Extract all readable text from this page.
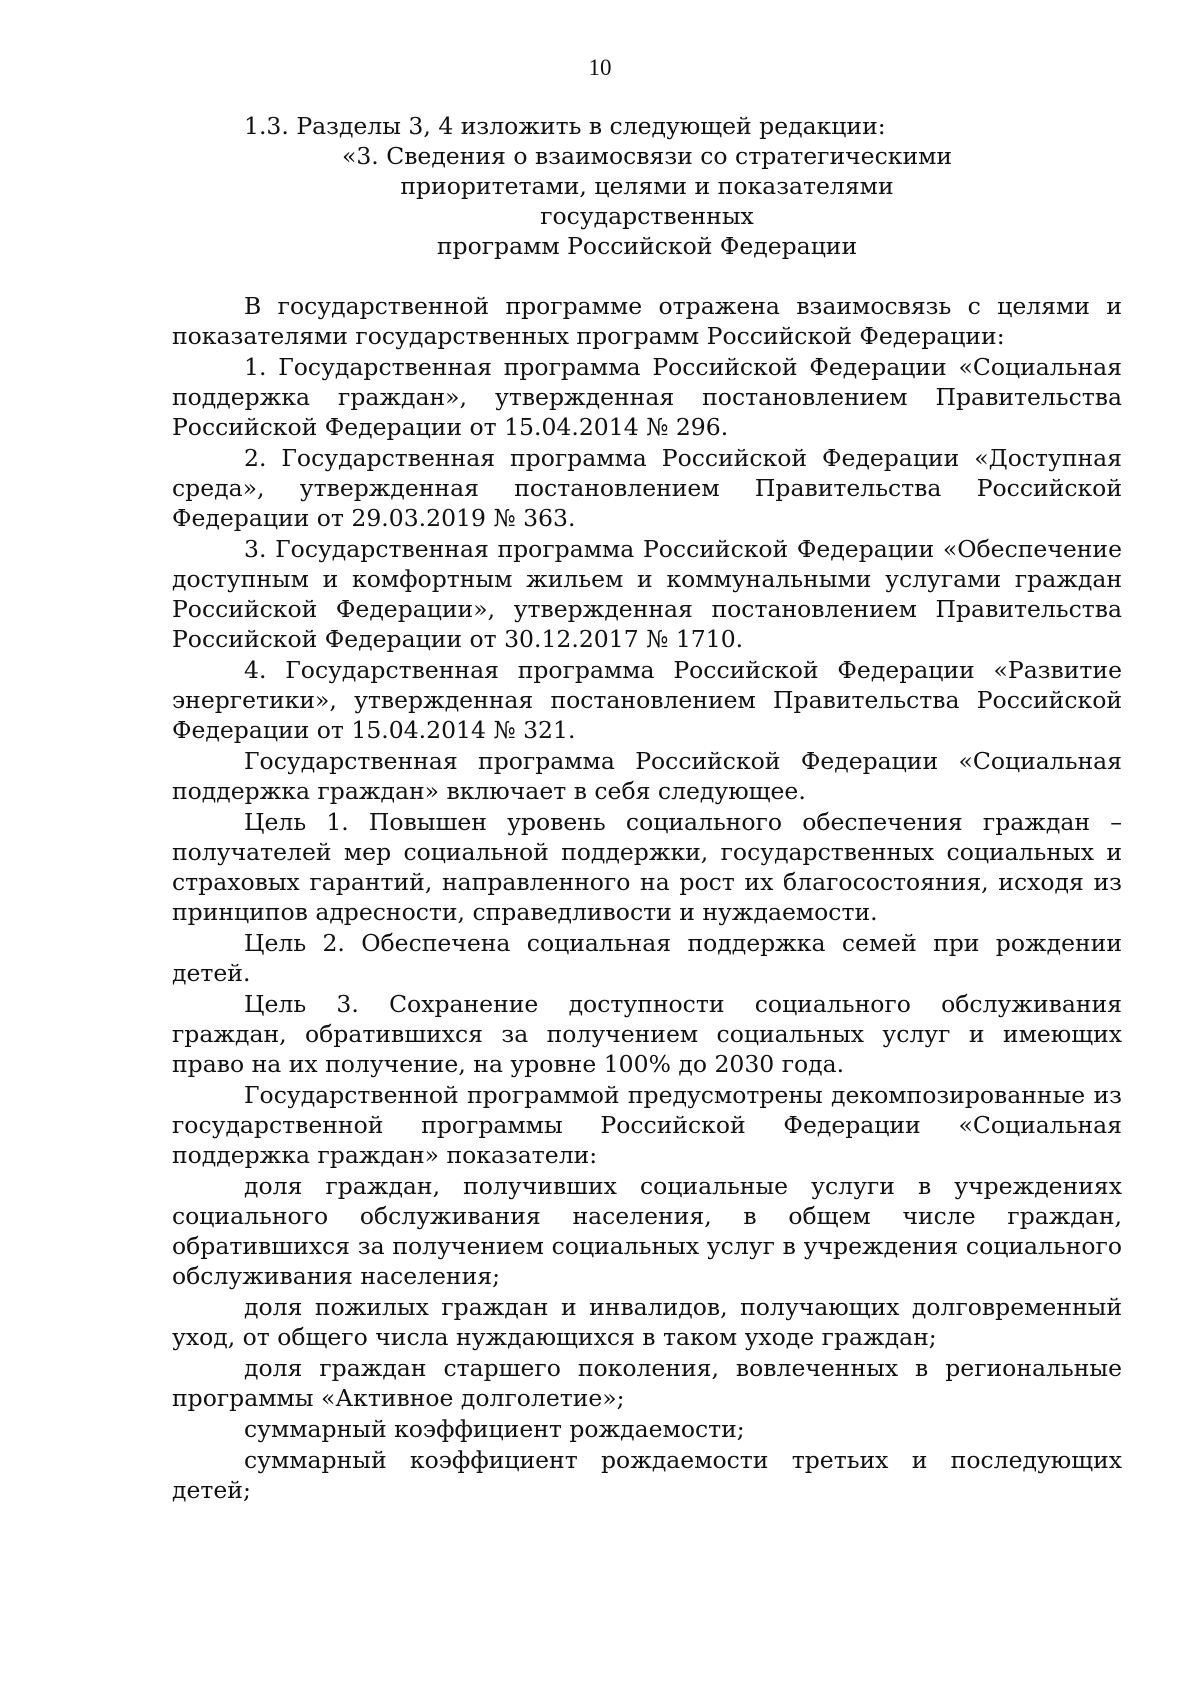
10

1.3. Разделы 3, 4 изложить в следующей редакции:

«3. Сведения о взаимосвязи со стратегическими
приоритетами, целями и показателями государственных
программ Российской Федерации

В государственной программе отражена взаимосвязь с целями и показателями государственных программ Российской Федерации:

1. Государственная программа Российской Федерации «Социальная поддержка граждан», утвержденная постановлением Правительства Российской Федерации от 15.04.2014 № 296.

2. Государственная программа Российской Федерации «Доступная среда», утвержденная постановлением Правительства Российской Федерации от 29.03.2019 № 363.

3. Государственная программа Российской Федерации «Обеспечение доступным и комфортным жильем и коммунальными услугами граждан Российской Федерации», утвержденная постановлением Правительства Российской Федерации от 30.12.2017 № 1710.

4. Государственная программа Российской Федерации «Развитие энергетики», утвержденная постановлением Правительства Российской Федерации от 15.04.2014 № 321.

Государственная программа Российской Федерации «Социальная поддержка граждан» включает в себя следующее.

Цель 1. Повышен уровень социального обеспечения граждан – получателей мер социальной поддержки, государственных социальных и страховых гарантий, направленного на рост их благосостояния, исходя из принципов адресности, справедливости и нуждаемости.

Цель 2. Обеспечена социальная поддержка семей при рождении детей.

Цель 3. Сохранение доступности социального обслуживания граждан, обратившихся за получением социальных услуг и имеющих право на их получение, на уровне 100% до 2030 года.

Государственной программой предусмотрены декомпозированные из государственной программы Российской Федерации «Социальная поддержка граждан» показатели:

доля граждан, получивших социальные услуги в учреждениях социального обслуживания населения, в общем числе граждан, обратившихся за получением социальных услуг в учреждения социального обслуживания населения;

доля пожилых граждан и инвалидов, получающих долговременный уход, от общего числа нуждающихся в таком уходе граждан;

доля граждан старшего поколения, вовлеченных в региональные программы «Активное долголетие»;

суммарный коэффициент рождаемости;

суммарный коэффициент рождаемости третьих и последующих детей;
